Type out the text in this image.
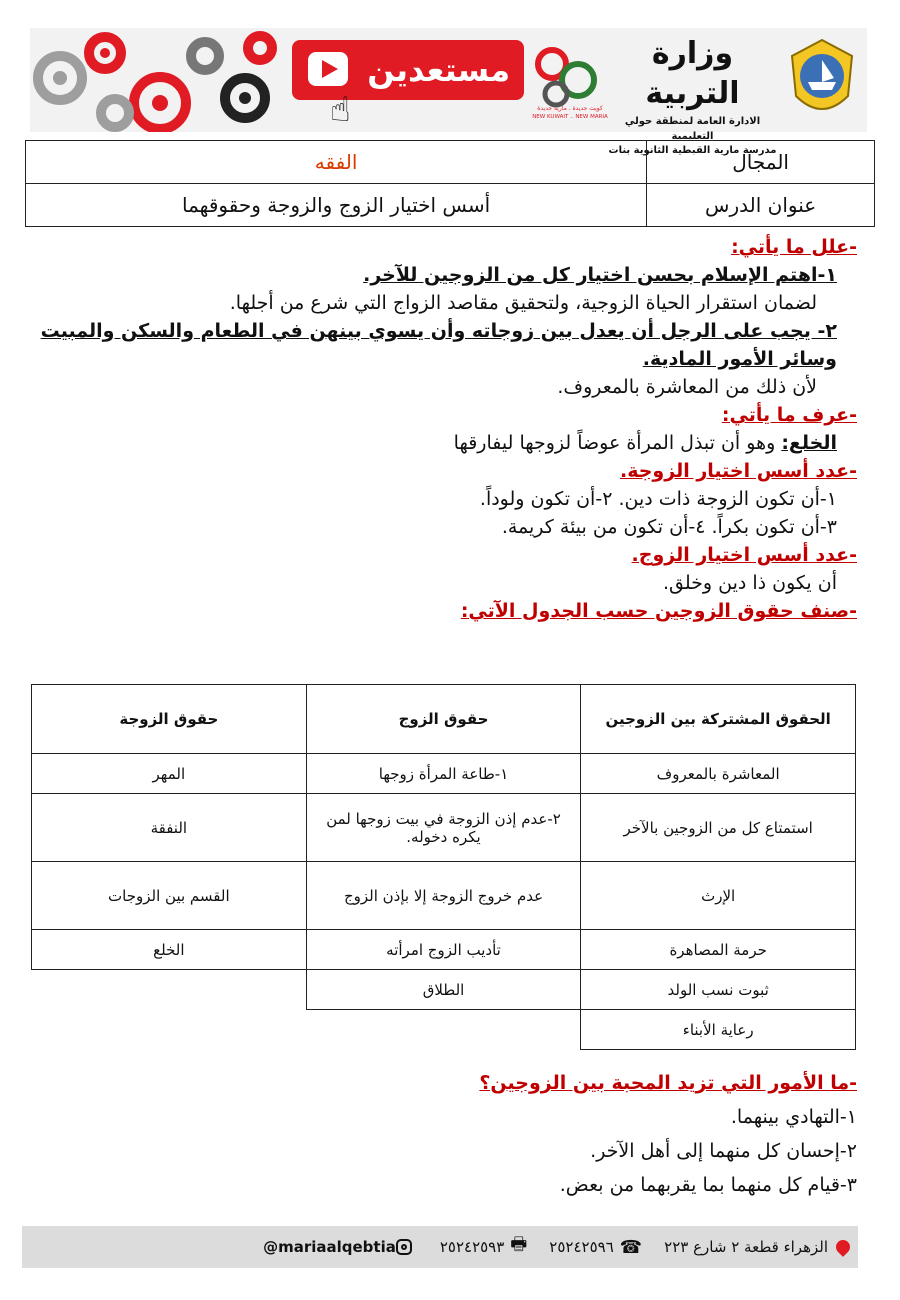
مستعدين
☝	كويت جديدة . مارية جديدة
NEW KUWAIT .. NEW MARIA
وزارة التربية
الادارة العامة لمنطقة حولي التعليمية
مدرسة مارية القبطية الثانوية بنات
المجال	الفقه
عنوان الدرس	أسس اختيار الزوج والزوجة وحقوقهما
-علل ما يأتي:
١-اهتم الإسلام بحسن اختيار كل من الزوجين للآخر.
لضمان استقرار الحياة الزوجية، ولتحقيق مقاصد الزواج التي شرع من أجلها.
٢- يجب على الرجل أن يعدل بين زوجاته وأن يسوي بينهن في الطعام والسكن والمبيت وسائر الأمور المادية.
لأن ذلك من المعاشرة بالمعروف.
-عرف ما يأتي:
الخلع: وهو أن تبذل المرأة عوضاً لزوجها ليفارقها
-عدد أسس اختيار الزوجة.
١-أن تكون الزوجة ذات دين. ٢-أن تكون ولوداً.
٣-أن تكون بكراً. ٤-أن تكون من بيئة كريمة.
-عدد أسس اختيار الزوج.
أن يكون ذا دين وخلق.
-صنف حقوق الزوجين حسب الجدول الآتي:
الحقوق المشتركة بين الزوجين	حقوق الزوج	حقوق الزوجة
المعاشرة بالمعروف	١-طاعة المرأة زوجها	المهر
استمتاع كل من الزوجين بالآخر	٢-عدم إذن الزوجة في بيت زوجها لمن يكره دخوله.	النفقة
الإرث	عدم خروج الزوجة إلا بإذن الزوج	القسم بين الزوجات
حرمة المصاهرة	تأديب الزوج امرأته	الخلع
ثبوت نسب الولد	الطلاق	
رعاية الأبناء		
-ما الأمور التي تزيد المحبة بين الزوجين؟
١-التهادي بينهما.
٢-إحسان كل منهما إلى أهل الآخر.
٣-قيام كل منهما بما يقربهما من بعض.
الزهراء قطعة ٢ شارع ٢٢٣
☎
٢٥٢٤٢٥٩٦
🖶
٢٥٢٤٢٥٩٣
@mariaalqebtia
